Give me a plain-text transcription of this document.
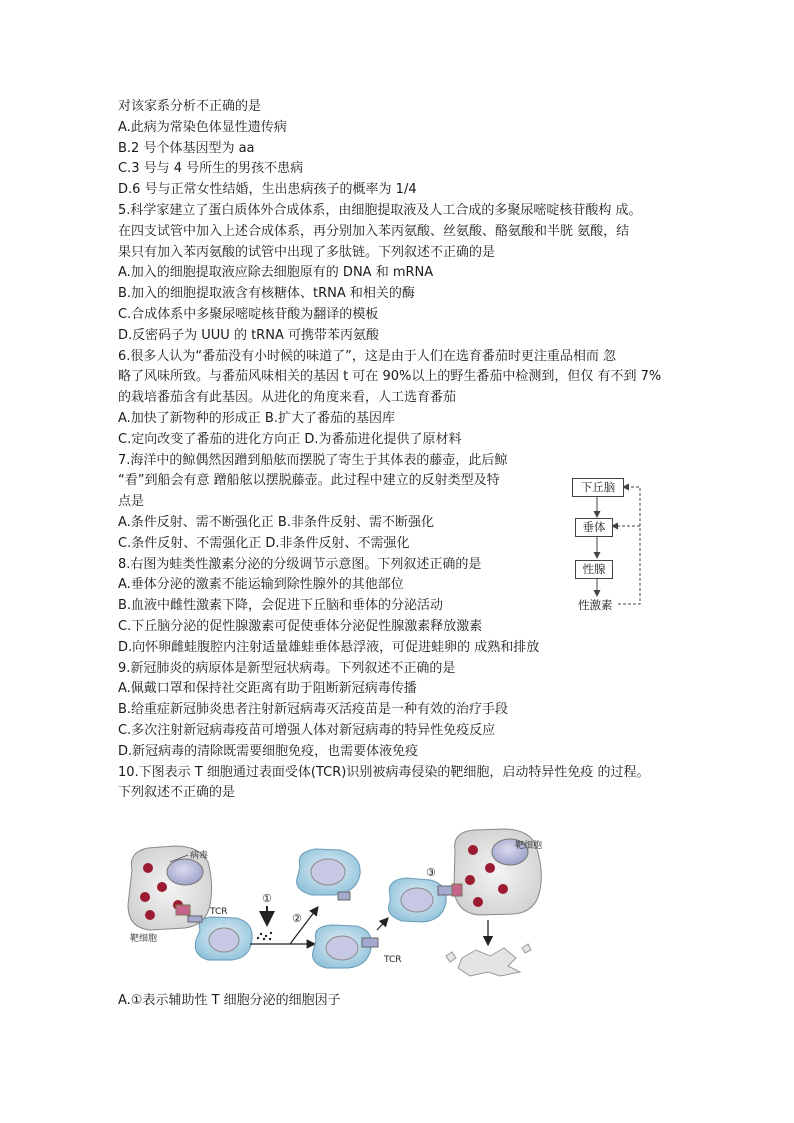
对该家系分析不正确的是
A.此病为常染色体显性遗传病
B.2 号个体基因型为 aa
C.3 号与 4 号所生的男孩不患病
D.6 号与正常女性结婚，生出患病孩子的概率为 1/4
5.科学家建立了蛋白质体外合成体系，由细胞提取液及人工合成的多聚尿嘧啶核苷酸构 成。
在四支试管中加入上述合成体系，再分别加入苯丙氨酸、丝氨酸、酪氨酸和半胱 氨酸，结
果只有加入苯丙氨酸的试管中出现了多肽链。下列叙述不正确的是
A.加入的细胞提取液应除去细胞原有的 DNA 和 mRNA
B.加入的细胞提取液含有核糖体、tRNA 和相关的酶
C.合成体系中多聚尿嘧啶核苷酸为翻译的模板
D.反密码子为 UUU 的 tRNA 可携带苯丙氨酸
6.很多人认为“番茄没有小时候的味道了”，这是由于人们在选育番茄时更注重品相而 忽
略了风味所致。与番茄风味相关的基因 t 可在 90%以上的野生番茄中检测到，但仅 有不到 7%
的栽培番茄含有此基因。从进化的角度来看，人工选育番茄
A.加快了新物种的形成正 B.扩大了番茄的基因库
C.定向改变了番茄的进化方向正 D.为番茄进化提供了原材料
7.海洋中的鲸偶然因蹭到船舷而摆脱了寄生于其体表的藤壶，此后鲸
“看”到船会有意 蹭船舷以摆脱藤壶。此过程中建立的反射类型及特
点是
A.条件反射、需不断强化正 B.非条件反射、需不断强化
C.条件反射、不需强化正 D.非条件反射、不需强化
8.右图为蛙类性激素分泌的分级调节示意图。下列叙述正确的是
A.垂体分泌的激素不能运输到除性腺外的其他部位
B.血液中雌性激素下降，会促进下丘脑和垂体的分泌活动
C.下丘脑分泌的促性腺激素可促使垂体分泌促性腺激素释放激素
D.向怀卵雌蛙腹腔内注射适量雄蛙垂体悬浮液，可促进蛙卵的 成熟和排放
9.新冠肺炎的病原体是新型冠状病毒。下列叙述不正确的是
A.佩戴口罩和保持社交距离有助于阻断新冠病毒传播
B.给重症新冠肺炎患者注射新冠病毒灭活疫苗是一种有效的治疗手段
C.多次注射新冠病毒疫苗可增强人体对新冠病毒的特异性免疫反应
D.新冠病毒的清除既需要细胞免疫，也需要体液免疫
10.下图表示 T 细胞通过表面受体(TCR)识别被病毒侵染的靶细胞，启动特异性免疫 的过程。
下列叙述不正确的是
A.①表示辅助性 T 细胞分泌的细胞因子
下丘脑
垂体
性腺
性激素
病毒
靶细胞
TCR
①
②
TCR
③
靶细胞
